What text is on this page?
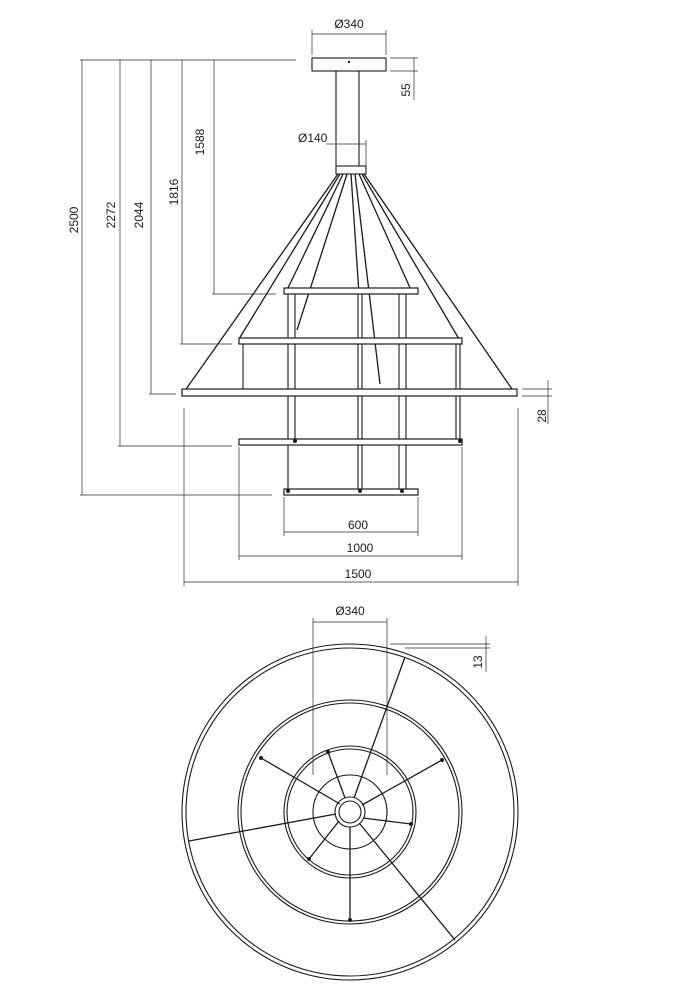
Ø340
55
Ø140
2500 2272 2044
1816
1588
28
600
1000
1500
Ø340
13
